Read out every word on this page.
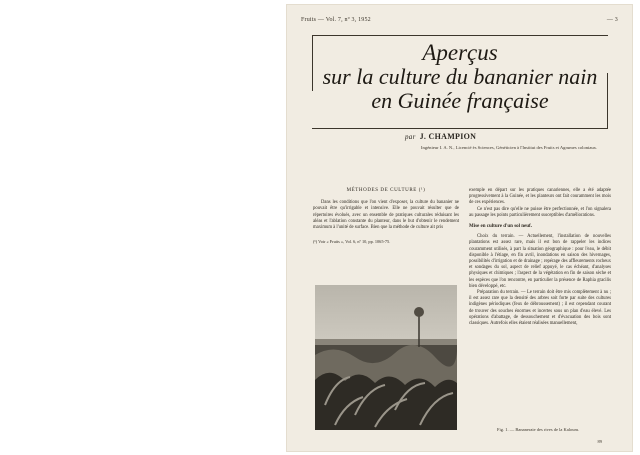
Fruits — Vol. 7, nº 3, 1952	— 3
Aperçus
sur la culture du bananier nain
en Guinée française
par J. CHAMPION
Ingénieur I. A. N., Licencié ès Sciences, Généticien à l'Institut des Fruits et Agrumes coloniaux.

MÉTHODES DE CULTURE (¹)

Dans les conditions que l'on vient d'exposer, la culture du bananier ne pouvait être qu'irrigable et intensive. Elle ne pouvait résulter que de répertoires évolués, avec un ensemble de pratiques culturales réduisant les aléas et l'ablation constante du planteur, dans le but d'obtenir le rendement maximum à l'unité de surface. Bien que la méthode de culture ait pris

(¹) Voir « Fruits », Vol. 6, nº 10, pp. 1065-75.

exemple en départ sur les pratiques canariennes, elle a été adaptée progressivement à la Guinée, et les planteurs ont fait couramment les mois de ces expériences.

Ce n'est pas dire qu'elle ne puisse être perfectionnée, et l'on signalera au passage les points particulièrement susceptibles d'améliorations.

Mise en culture d'un sol neuf.

Choix du terrain. — Actuellement, l'installation de nouvelles plantations est assez rare, mais il est bon de rappeler les indices couramment utilisés, à part la situation géographique : pour l'eau, le débit disponible à l'étiage, en fin avril, inondations en saison des hivernages, possibilités d'irrigation et de drainage ; repérage des affleurements rocheux et sondages du sol, aspect de relief appuyé, le cas échéant, d'analyses physiques et chimiques ; l'aspect de la végétation en fin de saison sèche et les espèces que l'on rencontre, en particulier la présence de Raphia gracilis bien développé, etc.

Préparation du terrain. — Le terrain doit être mis complètement à nu ; il est assez rare que la densité des arbres soit forte par suite des cultures indigènes périodiques (feux de débroussement) ; il est cependant courant de trouver des souches énormes et incertes sous un plan d'eau élevé. Les opérations d'abattage, de dessouchement et d'évacuation des bois sont classiques. Autrefois elles étaient réalisées manuellement,

Fig. 1. — Bananeraie des rives de la Kaloum.
89
